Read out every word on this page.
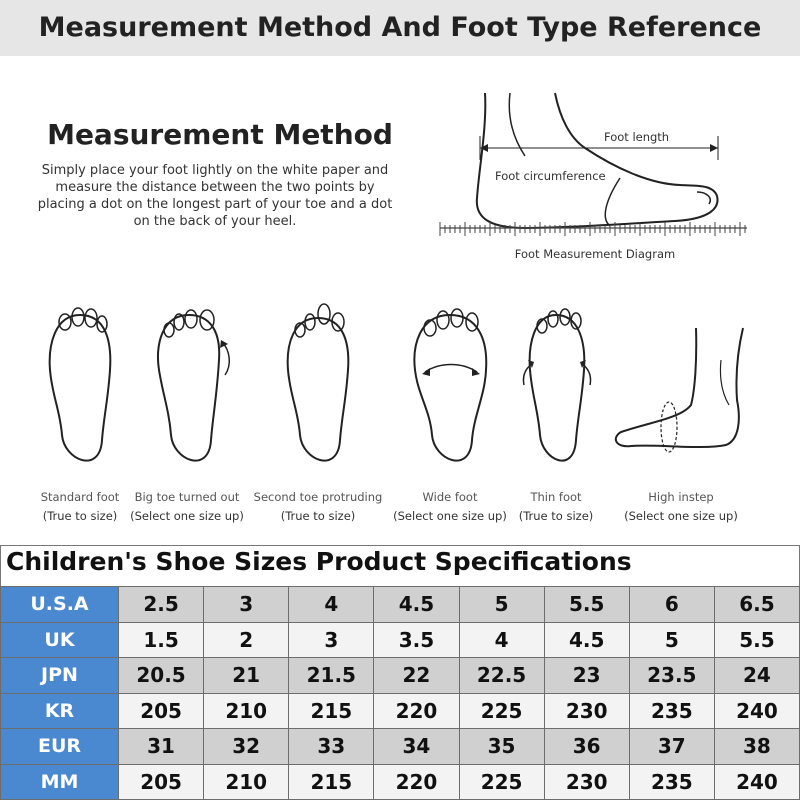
Measurement Method And Foot Type Reference
Measurement Method
Simply place your foot lightly on the white paper and measure the distance between the two points by placing a dot on the longest part of your toe and a dot on the back of your heel.
Foot length
Foot circumference
Foot Measurement Diagram
Standard foot
(True to size)
Big toe turned out
(Select one size up)
Second toe protruding
(True to size)
Wide foot
(Select one size up)
Thin foot
(True to size)
High instep
(Select one size up)
Children's Shoe Sizes Product Specifications
U.S.A	2.5	3	4	4.5	5	5.5	6	6.5
UK	1.5	2	3	3.5	4	4.5	5	5.5
JPN	20.5	21	21.5	22	22.5	23	23.5	24
KR	205	210	215	220	225	230	235	240
EUR	31	32	33	34	35	36	37	38
MM	205	210	215	220	225	230	235	240
